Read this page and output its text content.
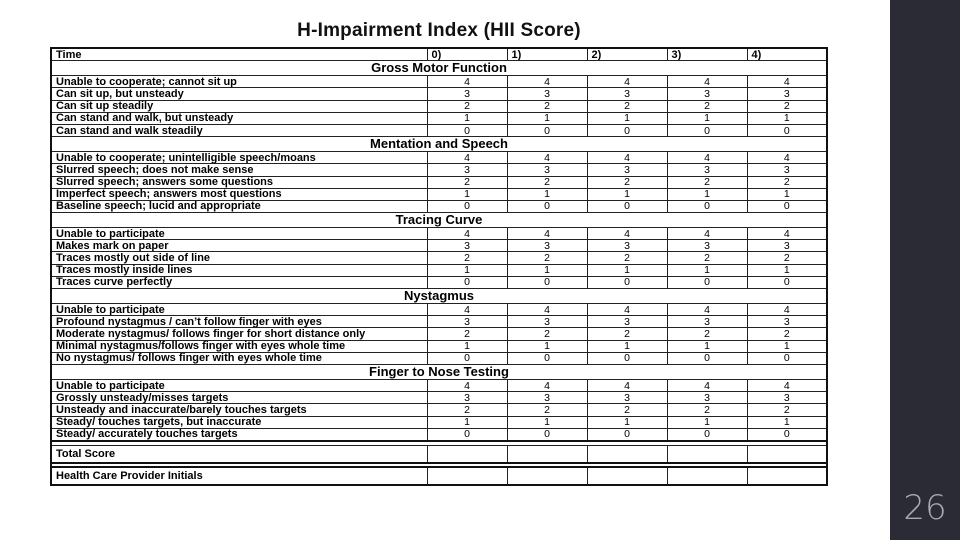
26
H-Impairment Index (HII Score)
Time	0)	1)	2)	3)	4)
Gross Motor Function					
Unable to cooperate; cannot sit up	4	4	4	4	4
Can sit up, but unsteady	3	3	3	3	3
Can sit up steadily	2	2	2	2	2
Can stand and walk, but unsteady	1	1	1	1	1
Can stand and walk steadily	0	0	0	0	0
Mentation and Speech					
Unable to cooperate; unintelligible speech/moans	4	4	4	4	4
Slurred speech; does not make sense	3	3	3	3	3
Slurred speech; answers some questions	2	2	2	2	2
Imperfect speech; answers most questions	1	1	1	1	1
Baseline speech; lucid and appropriate	0	0	0	0	0
Tracing Curve					
Unable to participate	4	4	4	4	4
Makes mark on paper	3	3	3	3	3
Traces mostly out side of line	2	2	2	2	2
Traces mostly inside lines	1	1	1	1	1
Traces curve perfectly	0	0	0	0	0
Nystagmus					
Unable to participate	4	4	4	4	4
Profound nystagmus / can’t follow finger with eyes	3	3	3	3	3
Moderate nystagmus/ follows finger for short distance only	2	2	2	2	2
Minimal nystagmus/follows finger with eyes whole time	1	1	1	1	1
No nystagmus/ follows finger with eyes whole time	0	0	0	0	0
Finger to Nose Testing					
Unable to participate	4	4	4	4	4
Grossly unsteady/misses targets	3	3	3	3	3
Unsteady and inaccurate/barely touches targets	2	2	2	2	2
Steady/ touches targets, but inaccurate	1	1	1	1	1
Steady/ accurately touches targets	0	0	0	0	0

Total Score					

Health Care Provider Initials					
